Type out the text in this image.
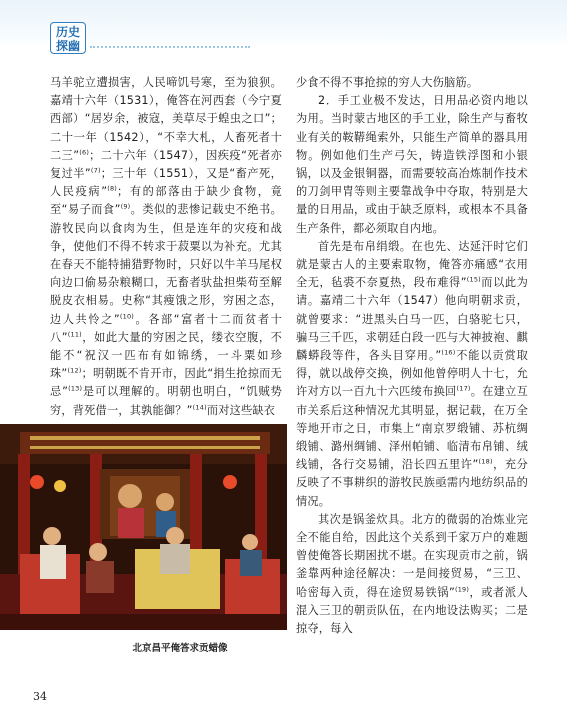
历史
探幽

马羊驼立遭损害，人民啼饥号寒，至为狼狈。嘉靖十六年（1531），俺答在河西套（今宁夏西部）“居岁余，被寇，美草尽于蝗虫之口”；二十一年（1542），“不幸大札，人畜死者十二三”$^{(6)}$；二十六年（1547），因疾疫“死者亦复过半”$^{(7)}$；三十年（1551），又是“畜产死，人民疫病”$^{(8)}$；有的部落由于缺少食物，竟至“易子而食”$^{(9)}$。类似的悲惨记载史不绝书。游牧民向以食肉为生，但是连年的灾疫和战争，使他们不得不转求于菽粟以为补充。尤其在春天不能特捕猎野物时，只好以牛羊马尾权向边口偷易杂粮糊口，无畜者驮盐担柴苟至解脱皮衣相易。史称“其瘦饿之形，穷困之态，边人共怜之”$^{(10)}$。各部“富者十二而贫者十八”$^{(11)}$，如此大量的穷困之民，缕衣空腹，不能不“祝汉一匹布有如锦绣，一斗粟如珍珠”$^{(12)}$；明朝既不肯开市，因此“捐生抢掠而无忌”$^{(13)}$是可以理解的。明朝也明白，“饥贼势穷，背死借一，其孰能御？”$^{(14)}$而对这些缺衣

北京昌平俺答求贡蜡像

少食不得不事抢掠的穷人大伤脑筋。

2．手工业极不发达，日用品必资内地以为用。当时蒙古地区的手工业，除生产与畜牧业有关的鞍鞯绳索外，只能生产简单的器具用物。例如他们生产弓矢，铸造铁浮图和小银锅，以及金银铜器，而需要较高冶炼制作技术的刀剑甲胄等则主要靠战争中夺取，特别是大量的日用品，或由于缺乏原料，或根本不具备生产条件，都必须取自内地。

首先是布帛绢缎。在也先、达延汗时它们就是蒙古人的主要索取物，俺答亦痛感“衣用全无，毡裘不奈夏热，段布难得”$^{(15)}$而以此为请。嘉靖二十六年（1547）他向明朝求贡，就曾要求：“进黑头白马一匹，白骆驼七只，骗马三千匹，求朝廷白段一匹与大神披袍、麒麟蟒段等件，各头目穿用。”$^{(16)}$不能以贡赏取得，就以战停交换，例如他曾停明人十七，允许对方以一百九十六匹绫布换回$^{(17)}$。在建立互市关系后这种情况尤其明显，据记载，在万全等地开市之日，市集上“南京罗缎铺、苏杭绸缎铺、潞州绸铺、泽州帕铺、临清布帛铺、绒线铺，各行交易铺，沿长四五里许”$^{(18)}$，充分反映了不事耕织的游牧民族亟需内地纺织品的情况。

其次是锅釜炊具。北方的微弱的冶炼业完全不能自给，因此这个关系到千家万户的难题曾使俺答长期困扰不堪。在实现贡市之前，锅釜靠两种途径解决：一是间接贸易，“三卫、哈密每入贡，得在途贸易铁锅”$^{(19)}$，或者派人混入三卫的朝贡队伍，在内地设法购买；二是掠夺，每入

34
